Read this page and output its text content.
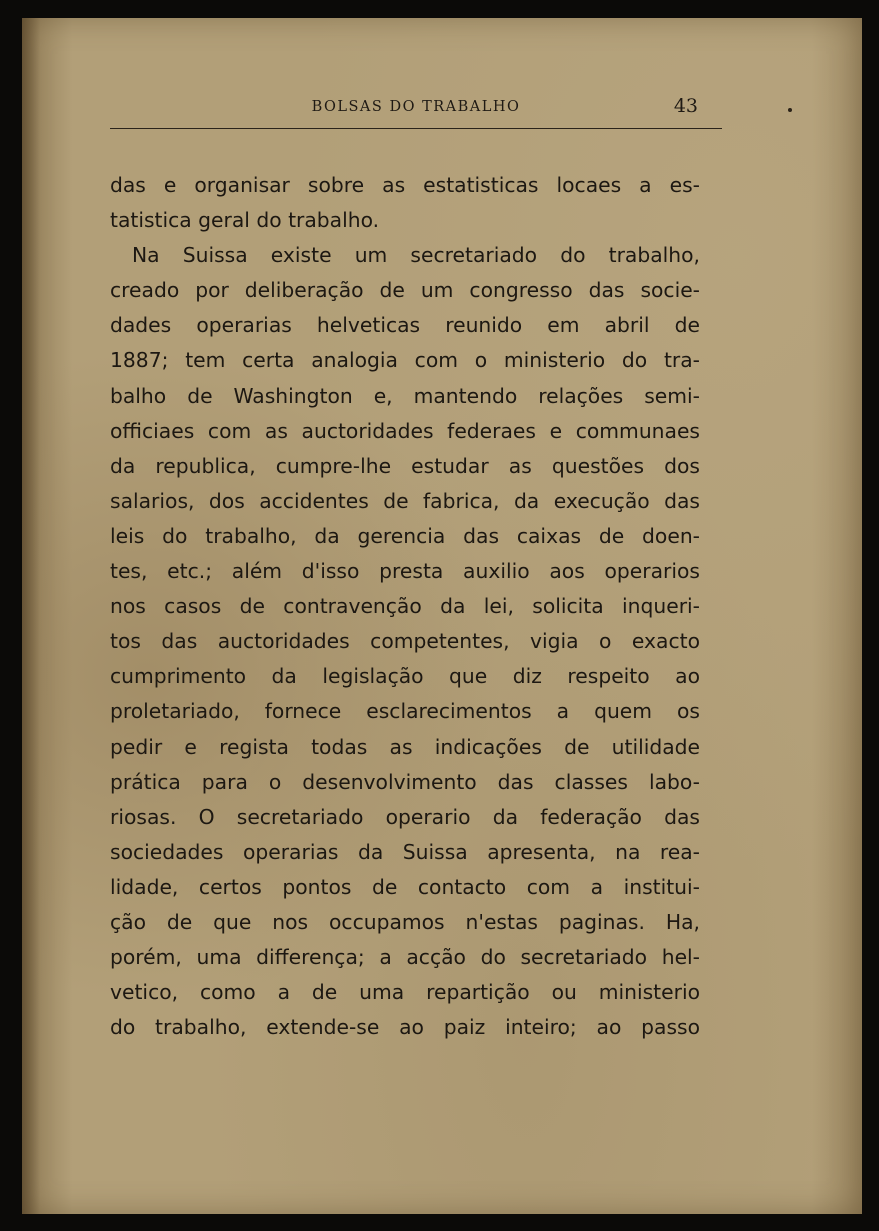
BOLSAS DO TRABALHO	43
das e organisar sobre as estatisticas locaes a es-
tatistica geral do trabalho.
Na Suissa existe um secretariado do trabalho,
creado por deliberação de um congresso das socie-
dades operarias helveticas reunido em abril de
1887; tem certa analogia com o ministerio do tra-
balho de Washington e, mantendo relações semi-
officiaes com as auctoridades federaes e communaes
da republica, cumpre-lhe estudar as questões dos
salarios, dos accidentes de fabrica, da execução das
leis do trabalho, da gerencia das caixas de doen-
tes, etc.; além d'isso presta auxilio aos operarios
nos casos de contravenção da lei, solicita inqueri-
tos das auctoridades competentes, vigia o exacto
cumprimento da legislação que diz respeito ao
proletariado, fornece esclarecimentos a quem os
pedir e regista todas as indicações de utilidade
prática para o desenvolvimento das classes labo-
riosas. O secretariado operario da federação das
sociedades operarias da Suissa apresenta, na rea-
lidade, certos pontos de contacto com a institui-
ção de que nos occupamos n'estas paginas. Ha,
porém, uma differença; a acção do secretariado hel-
vetico, como a de uma repartição ou ministerio
do trabalho, extende-se ao paiz inteiro; ao passo
